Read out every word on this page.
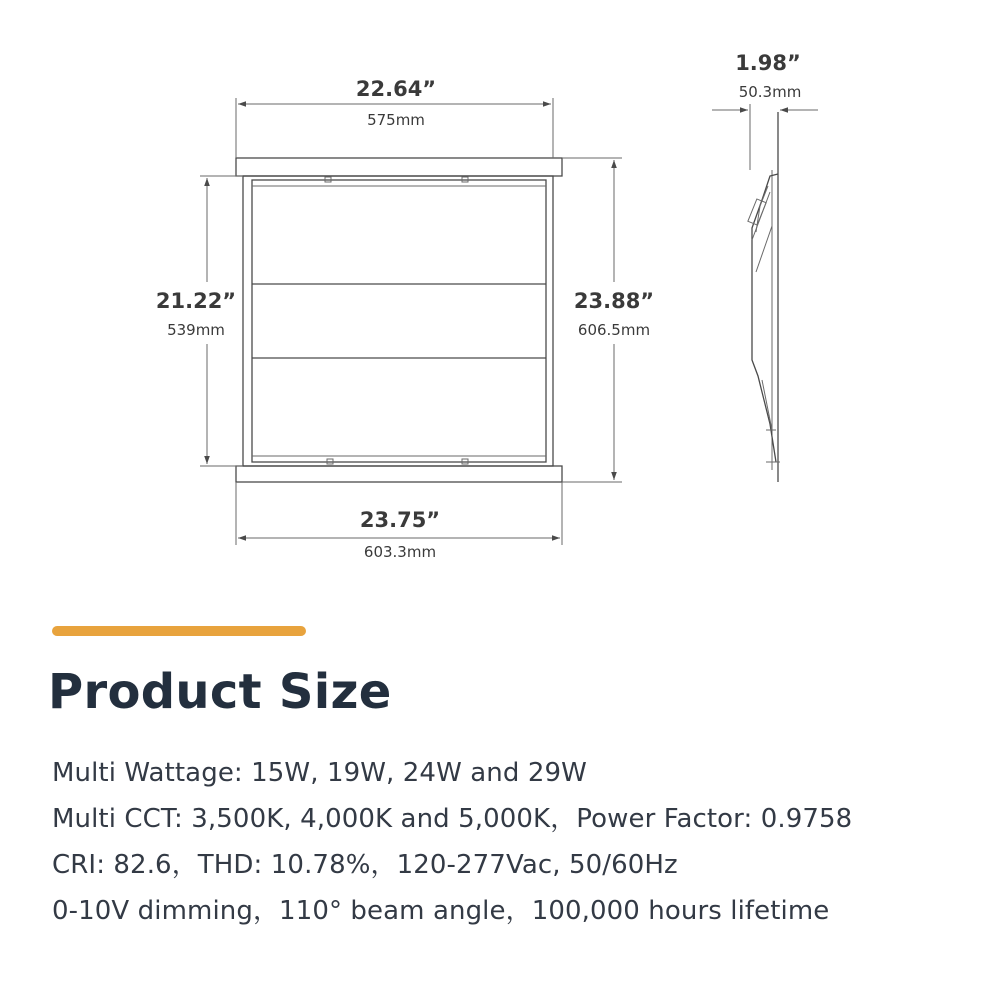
22.64”
575mm
21.22”
539mm
23.88”
606.5mm
23.75”
603.3mm
1.98”
50.3mm
Product Size
Multi Wattage: 15W, 19W, 24W and 29W
Multi CCT: 3,500K, 4,000K and 5,000K，Power Factor: 0.9758
CRI: 82.6，THD: 10.78%，120-277Vac, 50/60Hz
0-10V dimming，110° beam angle，100,000 hours lifetime
